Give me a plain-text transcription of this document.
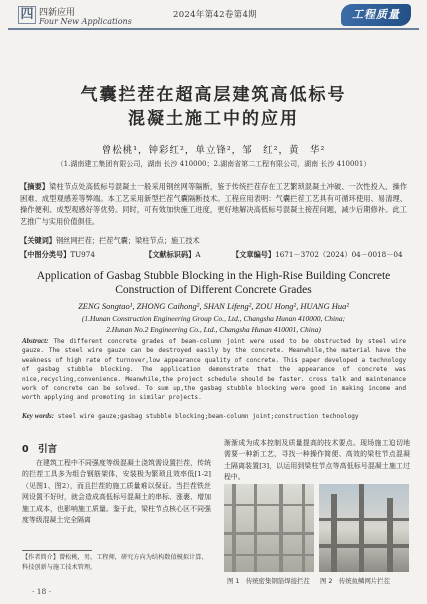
四 四新应用
Four New Applications
2024年第42卷第4期	工程质量
气囊拦茬在超高层建筑高低标号
混凝土施工中的应用
曾松桃¹，钟彩红²，单立锋²，邹　红²，黄　华²
（1.湖南建工集团有限公司，湖南 长沙 410000；2.湖南省第二工程有限公司，湖南 长沙 410001）
【摘要】梁柱节点处高低标号混凝土一般采用钢丝网等隔断，鉴于传统拦茬存在工艺繁琐混凝土冲破、一次性投入、操作困难、成型观感差等弊端。本工艺采用新型拦茬气囊隔断技术。工程应用表明：气囊拦茬工艺具有可循环使用、易清理、操作便利、成型观感好等优势。同时，可有效加快施工进度，更好地解决高低标号混凝土接茬问题，减少后期修补。此工艺推广与实用价值俱佳。
【关键词】钢丝网拦茬；拦茬气囊；梁柱节点；施工技术
【中图分类号】TU974	【文献标识码】A	【文章编号】1671－3702（2024）04－0018－04
Application of Gasbag Stubble Blocking in the High-Rise Building Concrete
Construction of Different Concrete Grades
ZENG Songtao¹, ZHONG Caihong², SHAN Lifeng², ZOU Hong², HUANG Hua²
(1.Hunan Construction Engineering Group Co., Ltd., Changsha Hunan 410000, China;
2.Hunan No.2 Engineering Co., Ltd., Changsha Hunan 410001, China)
Abstract: The different concrete grades of beam-column joint were used to be obstructed by steel wire gauze. The steel wire gauze can be destroyed easily by the concrete. Meanwhile,the material have the weakness of high rate of turnover,low appearance quality of concrete. This paper developed a technology of gasbag stubble blocking. The application demonstrate that the appearance of concrete was nice,recycling,convenience. Meanwhile,the project schedule should be faster. cross talk and maintenance work of concrete can be solved. To sum up,the gasbag stubble blocking were good in making income and worth applying and promoting in similar projects.
Key words: steel wire gauze;gasbag stubble blocking;beam-column joint;construction technology
0　引言
在建筑工程中不同强度等级混凝土浇筑需设置拦茬，传统的拦茬工具多为组合钢筋架体，安装极为繁琐且效率低[1-2]（见图1、图2），而且拦茬的施工质量难以保证。当拦茬铁丝网设置不好时，就会造成高低标号混凝土的串标、涨裹、增加施工成本，也影响施工质量。鉴于此，梁柱节点核心区不同强度等级混凝土完全隔离
渐渐成为成本控制及质量提高的技术要点。现场施工迫切地需要一种新工艺，寻找一种操作简便、高效的梁柱节点混凝土隔离装置[3]，以运用到梁柱节点等高低标号混凝土施工过程中。
【作者简介】曾松桃，男，工程师，研究方向为结构数值模拟计算、科技创新与施工技术管理。
图 1　传统密集钢筋焊接拦茬 图 2　传统鱼鳞网片拦茬
· 18 ·
